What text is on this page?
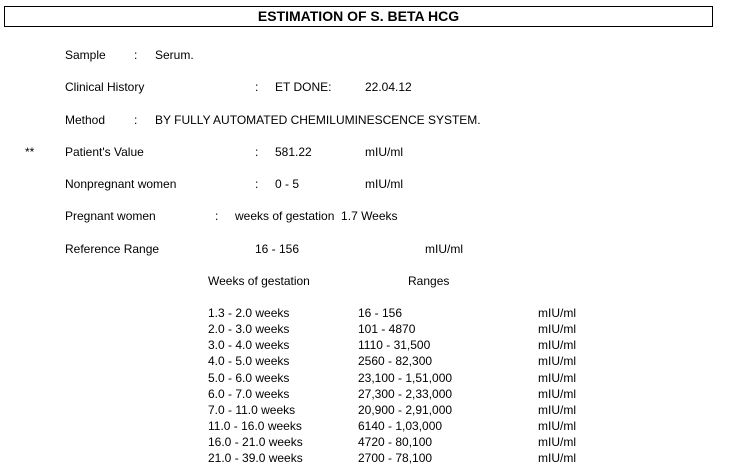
ESTIMATION OF S. BETA HCG
Sample : Serum.
Clinical History	: ET DONE:	22.04.12
Method : BY FULLY AUTOMATED CHEMILUMINESCENCE SYSTEM.
**	Patient's Value	: 581.22	mIU/ml
Nonpregnant women	: 0 - 5	mIU/ml
Pregnant women	: weeks of gestation  1.7 Weeks
Reference Range	16 - 156	mIU/ml
Weeks of gestation	Ranges
1.3 - 2.0 weeks	16 - 156	mIU/ml
2.0 - 3.0 weeks	101 - 4870	mIU/ml
3.0 - 4.0 weeks	1110 - 31,500	mIU/ml
4.0 - 5.0 weeks	2560 - 82,300	mIU/ml
5.0 - 6.0 weeks	23,100 - 1,51,000	mIU/ml
6.0 - 7.0 weeks	27,300 - 2,33,000	mIU/ml
7.0 - 11.0 weeks	20,900 - 2,91,000	mIU/ml
11.0 - 16.0 weeks	6140 - 1,03,000	mIU/ml
16.0 - 21.0 weeks	4720 - 80,100	mIU/ml
21.0 - 39.0 weeks	2700 - 78,100	mIU/ml
